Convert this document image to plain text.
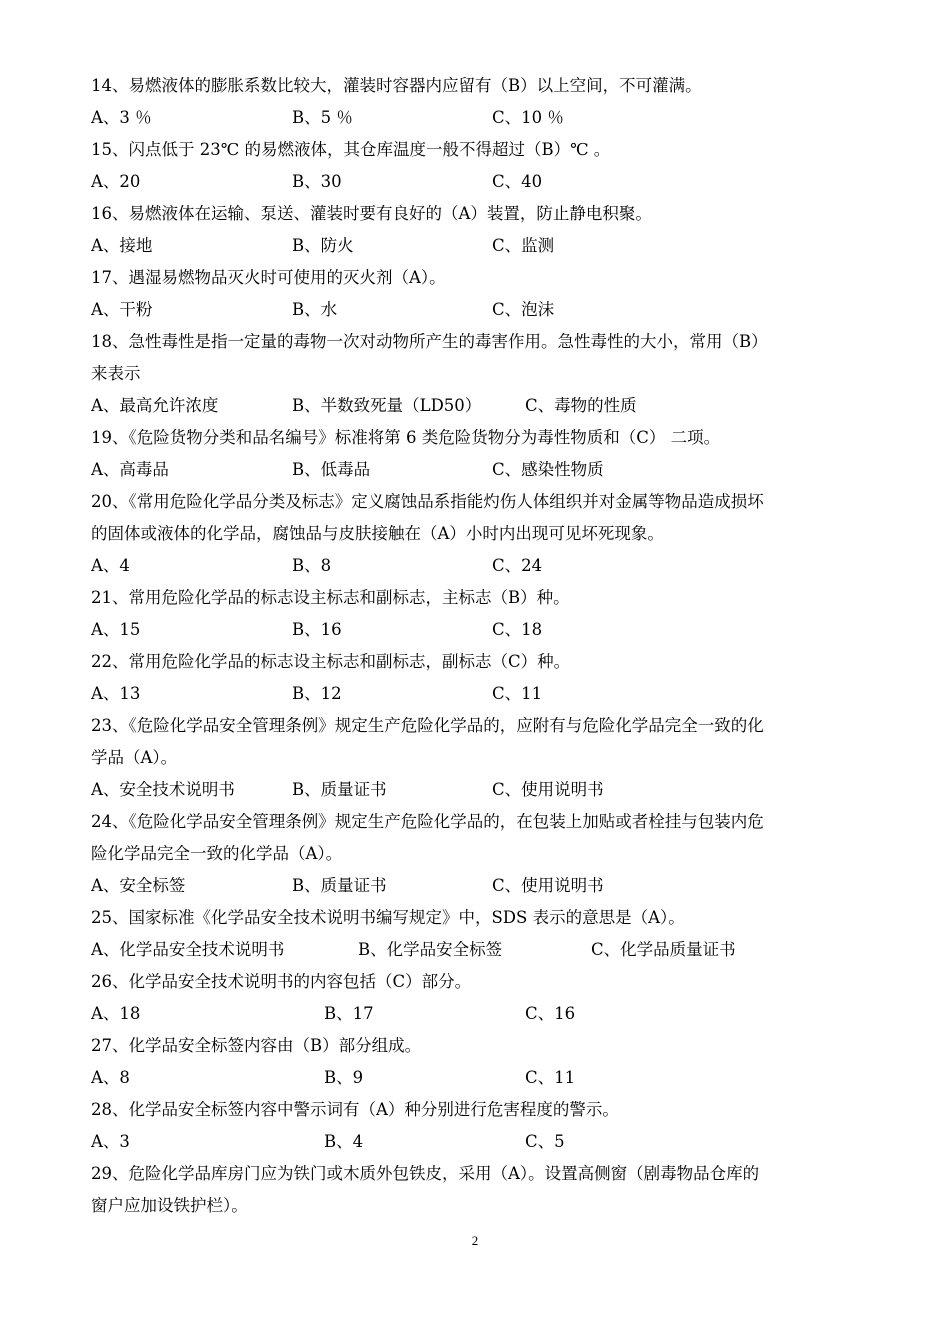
14、易燃液体的膨胀系数比较大，灌装时容器内应留有（B）以上空间，不可灌满。
A、3 ％	B、5 ％	C、10 ％
15、闪点低于 23℃ 的易燃液体，其仓库温度一般不得超过（B）℃ 。
A、20	B、30	C、40
16、易燃液体在运输、泵送、灌装时要有良好的（A）装置，防止静电积聚。
A、接地	B、防火	C、监测
17、遇湿易燃物品灭火时可使用的灭火剂（A）。
A、干粉	B、水	C、泡沫
18、急性毒性是指一定量的毒物一次对动物所产生的毒害作用。急性毒性的大小，常用（B）
来表示
A、最高允许浓度	B、半数致死量（LD50）	C、毒物的性质
19、《危险货物分类和品名编号》标准将第 6 类危险货物分为毒性物质和（C） 二项。
A、高毒品	B、低毒品	C、感染性物质
20、《常用危险化学品分类及标志》定义腐蚀品系指能灼伤人体组织并对金属等物品造成损坏
的固体或液体的化学品，腐蚀品与皮肤接触在（A）小时内出现可见坏死现象。
A、4	B、8	C、24
21、常用危险化学品的标志设主标志和副标志，主标志（B）种。
A、15	B、16	C、18
22、常用危险化学品的标志设主标志和副标志，副标志（C）种。
A、13	B、12	C、11
23、《危险化学品安全管理条例》规定生产危险化学品的，应附有与危险化学品完全一致的化
学品（A）。
A、安全技术说明书	B、质量证书	C、使用说明书
24、《危险化学品安全管理条例》规定生产危险化学品的，在包装上加贴或者栓挂与包装内危
险化学品完全一致的化学品（A）。
A、安全标签	B、质量证书	C、使用说明书
25、国家标准《化学品安全技术说明书编写规定》中，SDS 表示的意思是（A）。
A、化学品安全技术说明书	B、化学品安全标签	C、化学品质量证书
26、化学品安全技术说明书的内容包括（C）部分。
A、18	B、17	C、16
27、化学品安全标签内容由（B）部分组成。
A、8	B、9	C、11
28、化学品安全标签内容中警示词有（A）种分别进行危害程度的警示。
A、3	B、4	C、5
29、危险化学品库房门应为铁门或木质外包铁皮，采用（A）。设置高侧窗（剧毒物品仓库的
窗户应加设铁护栏）。
2
